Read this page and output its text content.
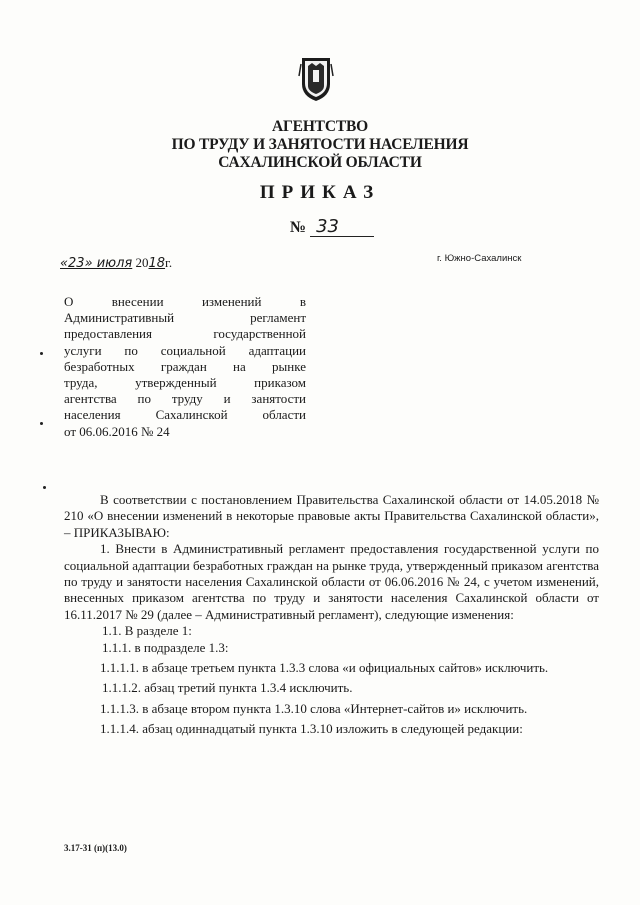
АГЕНТСТВО
ПО ТРУДУ И ЗАНЯТОСТИ НАСЕЛЕНИЯ
САХАЛИНСКОЙ ОБЛАСТИ
ПРИКАЗ
№ 33
«23» июля 2018г.	г. Южно-Сахалинск
О внесении изменений в
Административный регламент
предоставления государственной
услуги по социальной адаптации
безработных граждан на рынке
труда, утвержденный приказом
агентства по труду и занятости
населения Сахалинской области
от 06.06.2016 № 24

В соответствии с постановлением Правительства Сахалинской области от 14.05.2018 № 210 «О внесении изменений в некоторые правовые акты Правительства Сахалинской области», – ПРИКАЗЫВАЮ:

1. Внести в Административный регламент предоставления государственной услуги по социальной адаптации безработных граждан на рынке труда, утвержденный приказом агентства по труду и занятости населения Сахалинской области от 06.06.2016 № 24, с учетом изменений, внесенных приказом агентства по труду и занятости населения Сахалинской области от 16.11.2017 № 29 (далее – Административный регламент), следующие изменения:

1.1. В разделе 1:

1.1.1. в подразделе 1.3:

1.1.1.1. в абзаце третьем пункта 1.3.3 слова «и официальных сайтов» исключить.

1.1.1.2. абзац третий пункта 1.3.4 исключить.

1.1.1.3. в абзаце втором пункта 1.3.10 слова «Интернет-сайтов и» исключить.

1.1.1.4. абзац одиннадцатый пункта 1.3.10 изложить в следующей редакции:

3.17-31 (п)(13.0)
